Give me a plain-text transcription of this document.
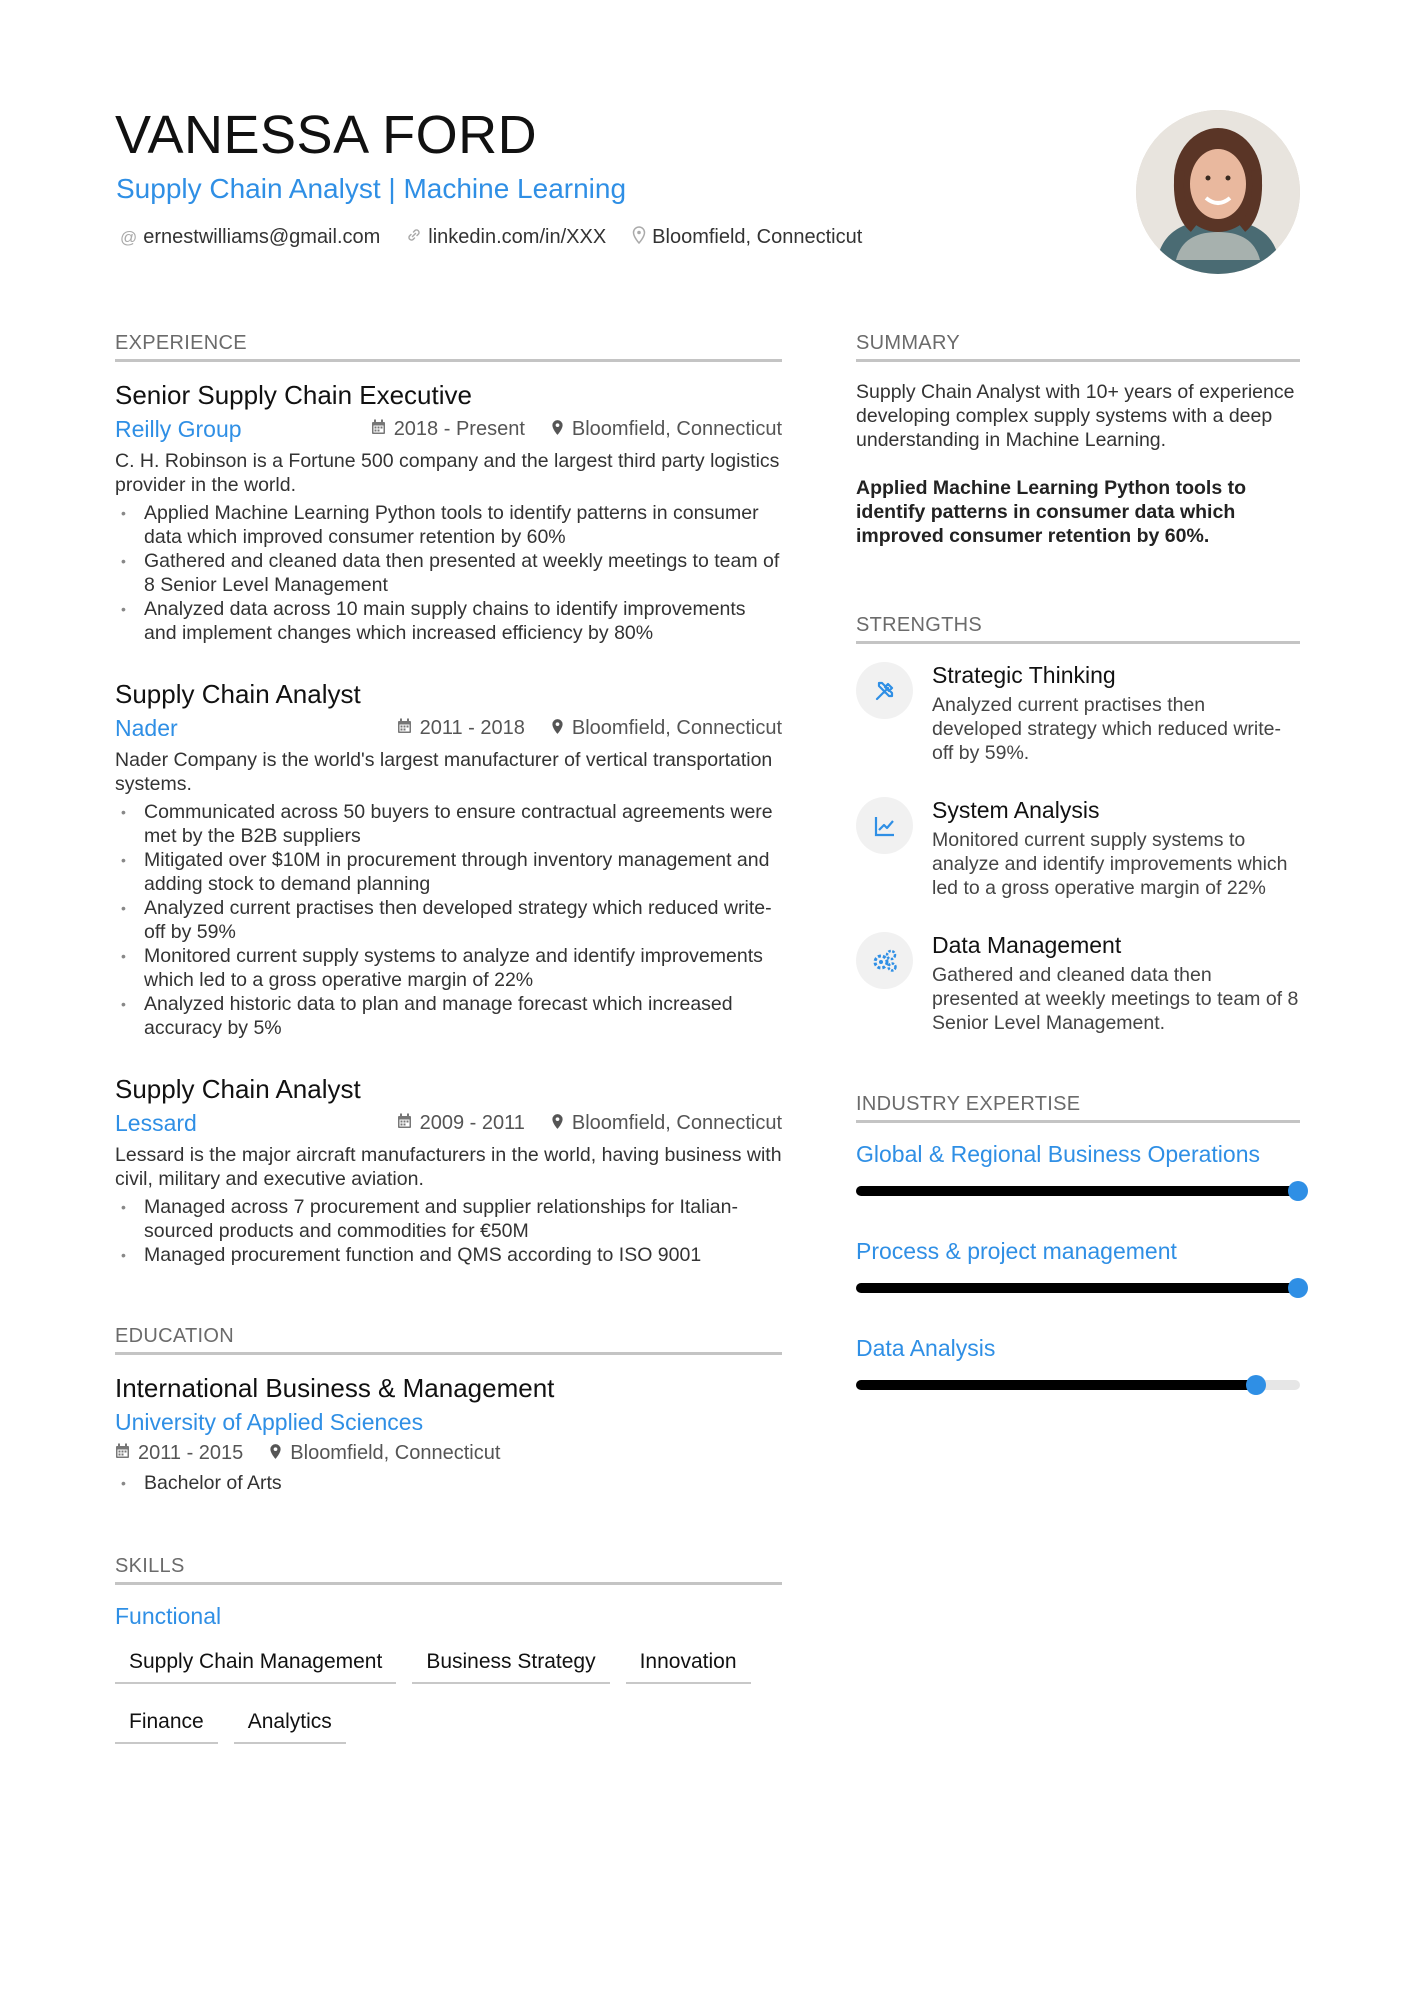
VANESSA FORD
Supply Chain Analyst | Machine Learning
@ ernestwilliams@gmail.com linkedin.com/in/XXX Bloomfield, Connecticut
EXPERIENCE
Senior Supply Chain Executive
Reilly Group	2018 - Present Bloomfield, Connecticut
C. H. Robinson is a Fortune 500 company and the largest third party logistics provider in the world.
• Applied Machine Learning Python tools to identify patterns in consumer data which improved consumer retention by 60%
• Gathered and cleaned data then presented at weekly meetings to team of 8 Senior Level Management
• Analyzed data across 10 main supply chains to identify improvements and implement changes which increased efficiency by 80%
Supply Chain Analyst
Nader	2011 - 2018 Bloomfield, Connecticut
Nader Company is the world's largest manufacturer of vertical transportation systems.
• Communicated across 50 buyers to ensure contractual agreements were met by the B2B suppliers
• Mitigated over $10M in procurement through inventory management and adding stock to demand planning
• Analyzed current practises then developed strategy which reduced write-off by 59%
• Monitored current supply systems to analyze and identify improvements which led to a gross operative margin of 22%
• Analyzed historic data to plan and manage forecast which increased accuracy by 5%
Supply Chain Analyst
Lessard	2009 - 2011 Bloomfield, Connecticut
Lessard is the major aircraft manufacturers in the world, having business with civil, military and executive aviation.
• Managed across 7 procurement and supplier relationships for Italian-sourced products and commodities for €50M
• Managed procurement function and QMS according to ISO 9001
EDUCATION
International Business & Management
University of Applied Sciences
2011 - 2015 Bloomfield, Connecticut
• Bachelor of Arts
SKILLS
Functional
Supply Chain Management	Business Strategy	Innovation
Finance	Analytics
SUMMARY
Supply Chain Analyst with 10+ years of experience developing complex supply systems with a deep understanding in Machine Learning.
Applied Machine Learning Python tools to identify patterns in consumer data which improved consumer retention by 60%.
STRENGTHS
Strategic Thinking
Analyzed current practises then developed strategy which reduced write-off by 59%.
System Analysis
Monitored current supply systems to analyze and identify improvements which led to a gross operative margin of 22%
Data Management
Gathered and cleaned data then presented at weekly meetings to team of 8 Senior Level Management.
INDUSTRY EXPERTISE
Global & Regional Business Operations
Process & project management
Data Analysis
